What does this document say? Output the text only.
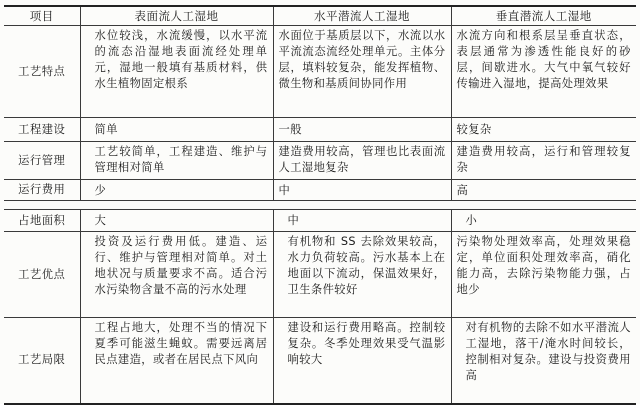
项目	表面流人工湿地	水平潜流人工湿地	垂直潜流人工湿地
工艺特点	水位较浅，水流缓慢，以水平流的流态沿湿地表面流经处理单元，湿地一般填有基质材料，供水生植物固定根系	水面位于基质层以下，水流以水平流流态流经处理单元。主体分层，填料较复杂，能发挥植物、微生物和基质间协同作用	水流方向和根系层呈垂直状态，表层通常为渗透性能良好的砂层，间歇进水。大气中氧气较好传输进入湿地，提高处理效果
工程建设	简单	一般	较复杂
运行管理	工艺较简单，工程建造、维护与管理相对简单	建造费用较高，管理也比表面流人工湿地复杂	建造费用较高，运行和管理较复杂
运行费用	少	中	高

占地面积	大	中	小
工艺优点	投资及运行费用低。建造、运行、维护与管理相对简单。对土地状况与质量要求不高。适合污水污染物含量不高的污水处理	有机物和 SS 去除效果较高，水力负荷较高。污水基本上在地面以下流动，保温效果好，卫生条件较好	污染物处理效率高，处理效果稳定，单位面积处理效率高，硝化能力高，去除污染物能力强，占地少
工艺局限	工程占地大，处理不当的情况下夏季可能滋生蝇蚊。需要远离居民点建造，或者在居民点下风向	建设和运行费用略高。控制较复杂。冬季处理效果受气温影响较大	对有机物的去除不如水平潜流人工湿地，落干/淹水时间较长，控制相对复杂。建设与投资费用高
